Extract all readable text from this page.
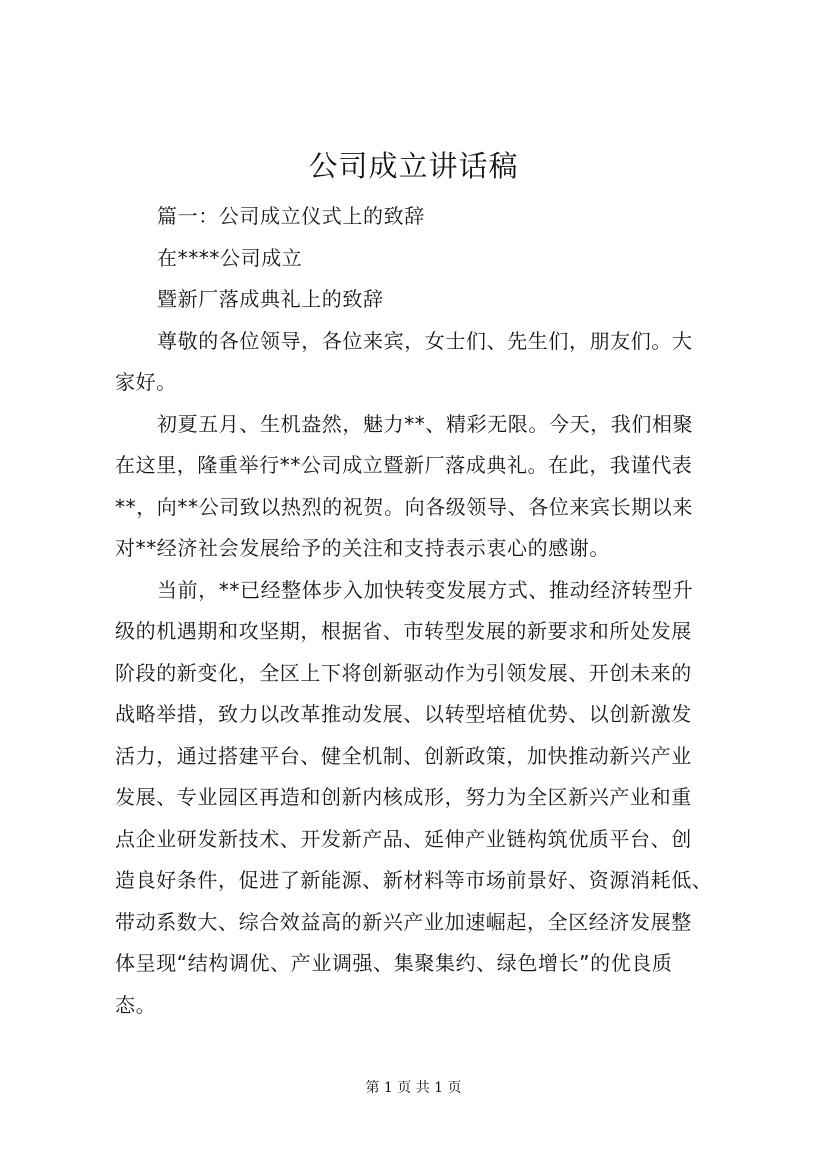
公司成立讲话稿
篇一：公司成立仪式上的致辞
在****公司成立
暨新厂落成典礼上的致辞
尊敬的各位领导，各位来宾，女士们、先生们，朋友们。大
家好。
初夏五月、生机盎然，魅力**、精彩无限。今天，我们相聚
在这里，隆重举行**公司成立暨新厂落成典礼。在此，我谨代表
**，向**公司致以热烈的祝贺。向各级领导、各位来宾长期以来
对**经济社会发展给予的关注和支持表示衷心的感谢。
当前，**已经整体步入加快转变发展方式、推动经济转型升
级的机遇期和攻坚期，根据省、市转型发展的新要求和所处发展
阶段的新变化，全区上下将创新驱动作为引领发展、开创未来的
战略举措，致力以改革推动发展、以转型培植优势、以创新激发
活力，通过搭建平台、健全机制、创新政策，加快推动新兴产业
发展、专业园区再造和创新内核成形，努力为全区新兴产业和重
点企业研发新技术、开发新产品、延伸产业链构筑优质平台、创
造良好条件，促进了新能源、新材料等市场前景好、资源消耗低、
带动系数大、综合效益高的新兴产业加速崛起，全区经济发展整
体呈现“结构调优、产业调强、集聚集约、绿色增长”的优良质
态。
第 1 页 共 1 页
